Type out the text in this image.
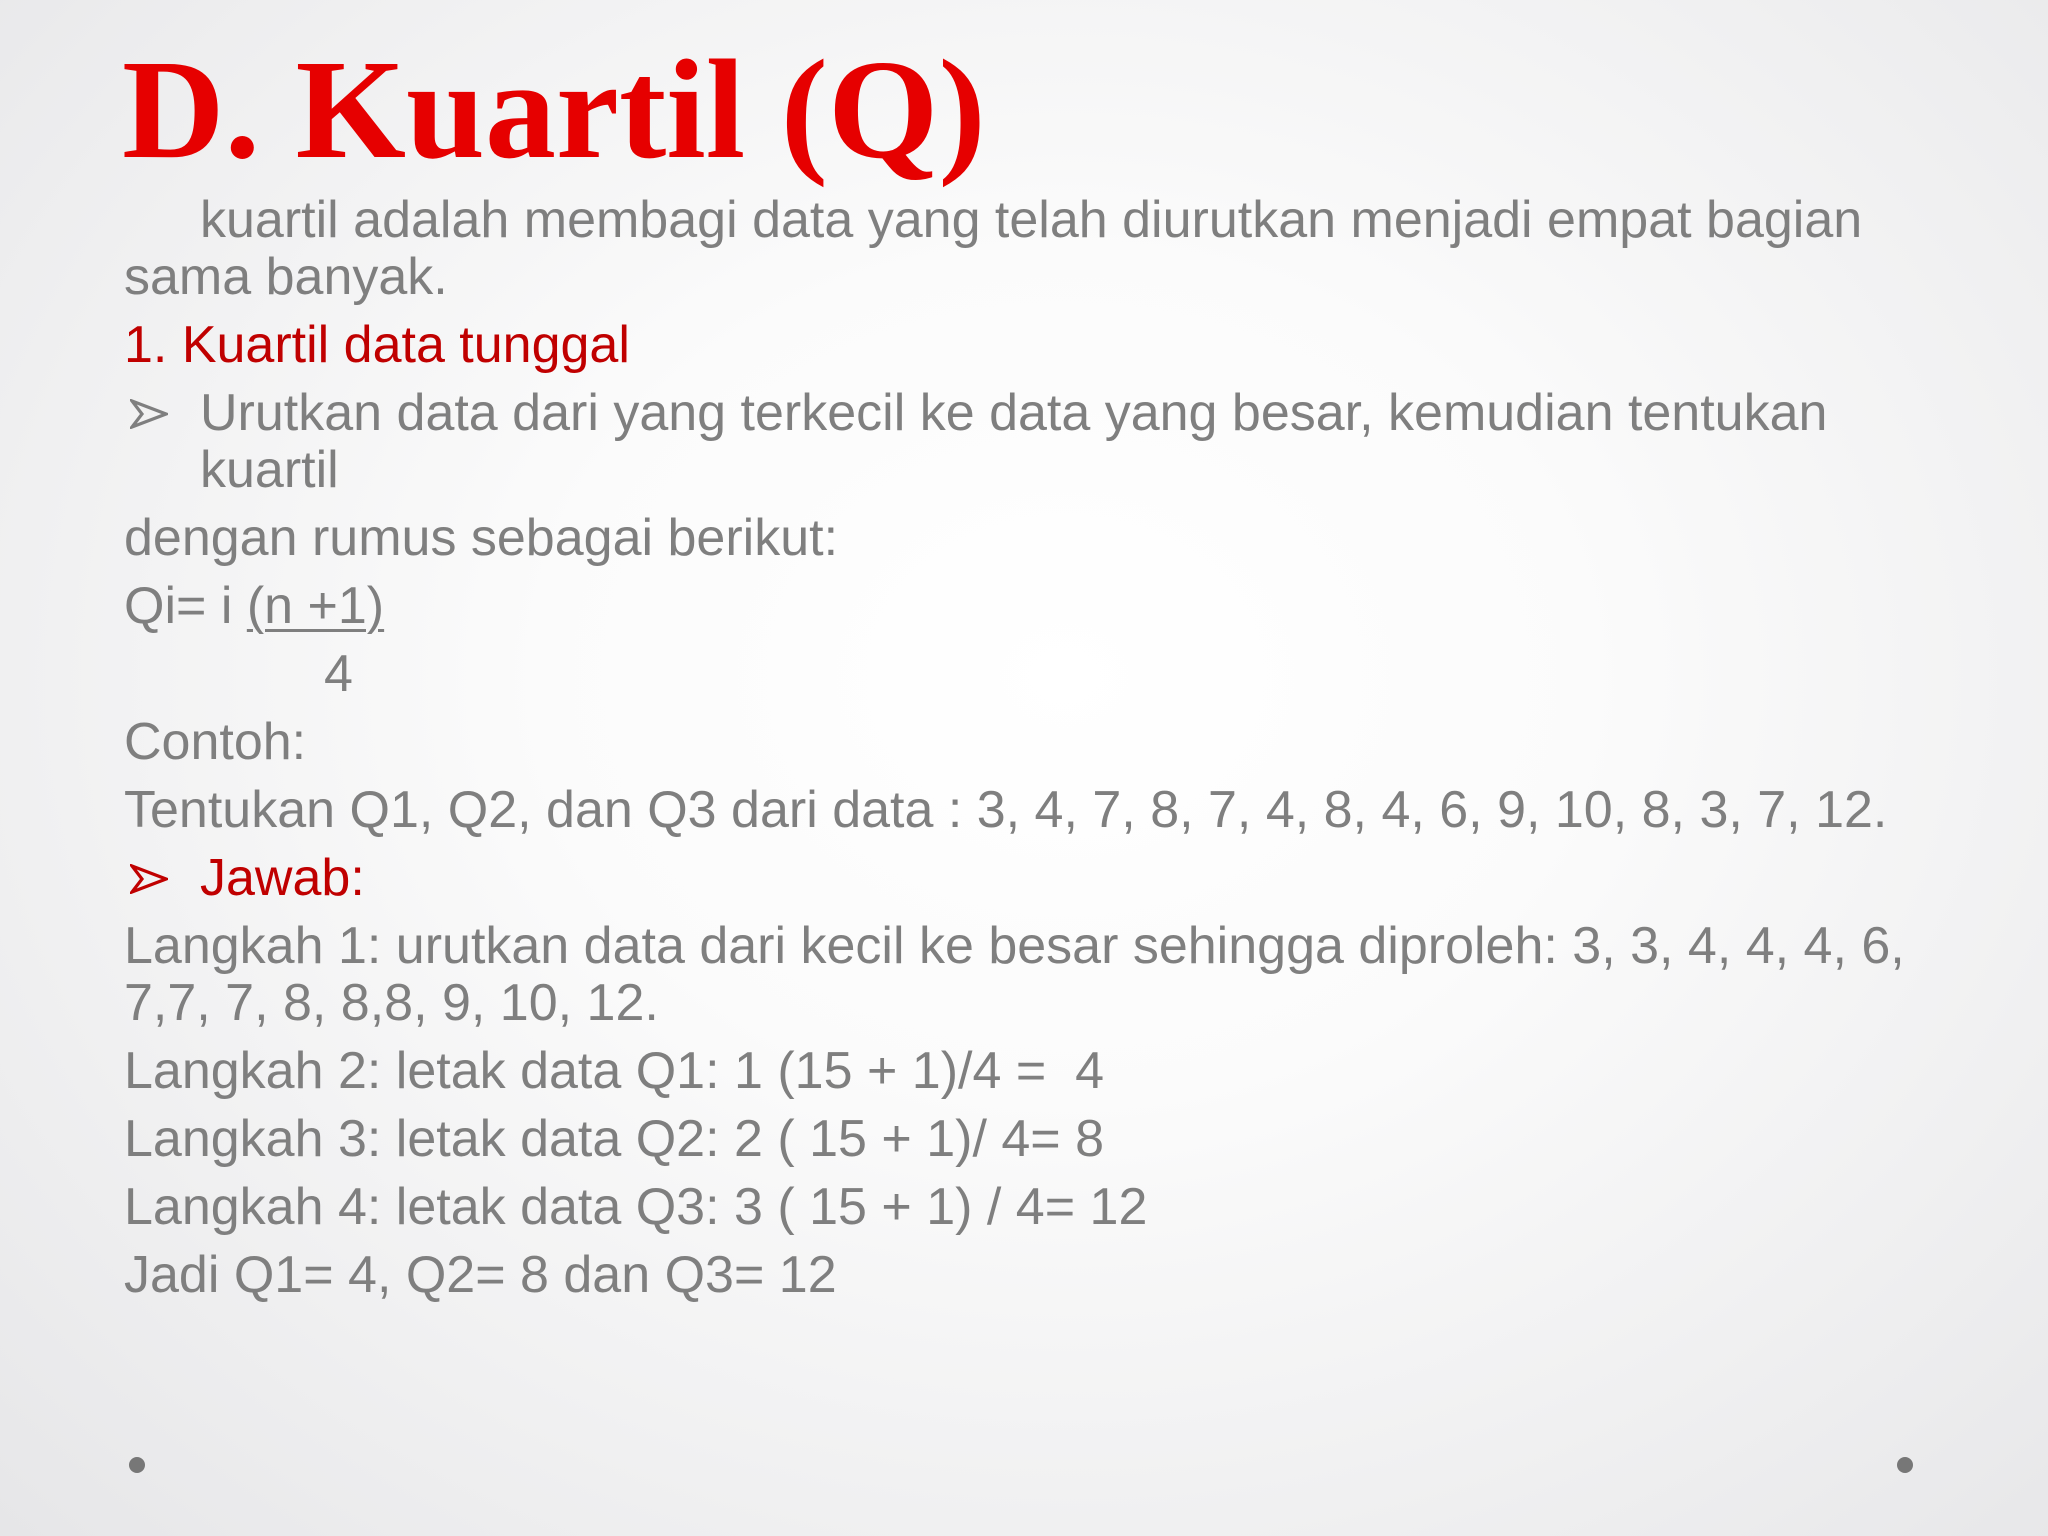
D. Kuartil (Q)

kuartil adalah membagi data yang telah diurutkan menjadi empat bagian sama banyak.

1. Kuartil data tunggal

Urutkan data dari yang terkecil ke data yang besar, kemudian tentukan kuartil

dengan rumus sebagai berikut:

Qi= i (n +1)

4

Contoh:

Tentukan Q1, Q2, dan Q3 dari data : 3, 4, 7, 8, 7, 4, 8, 4, 6, 9, 10, 8, 3, 7, 12.

Jawab:

Langkah 1: urutkan data dari kecil ke besar sehingga diproleh: 3, 3, 4, 4, 4, 6, 7,7, 7, 8, 8,8, 9, 10, 12.

Langkah 2: letak data Q1: 1 (15 + 1)/4 =  4

Langkah 3: letak data Q2: 2 ( 15 + 1)/ 4= 8

Langkah 4: letak data Q3: 3 ( 15 + 1) / 4= 12

Jadi Q1= 4, Q2= 8 dan Q3= 12
